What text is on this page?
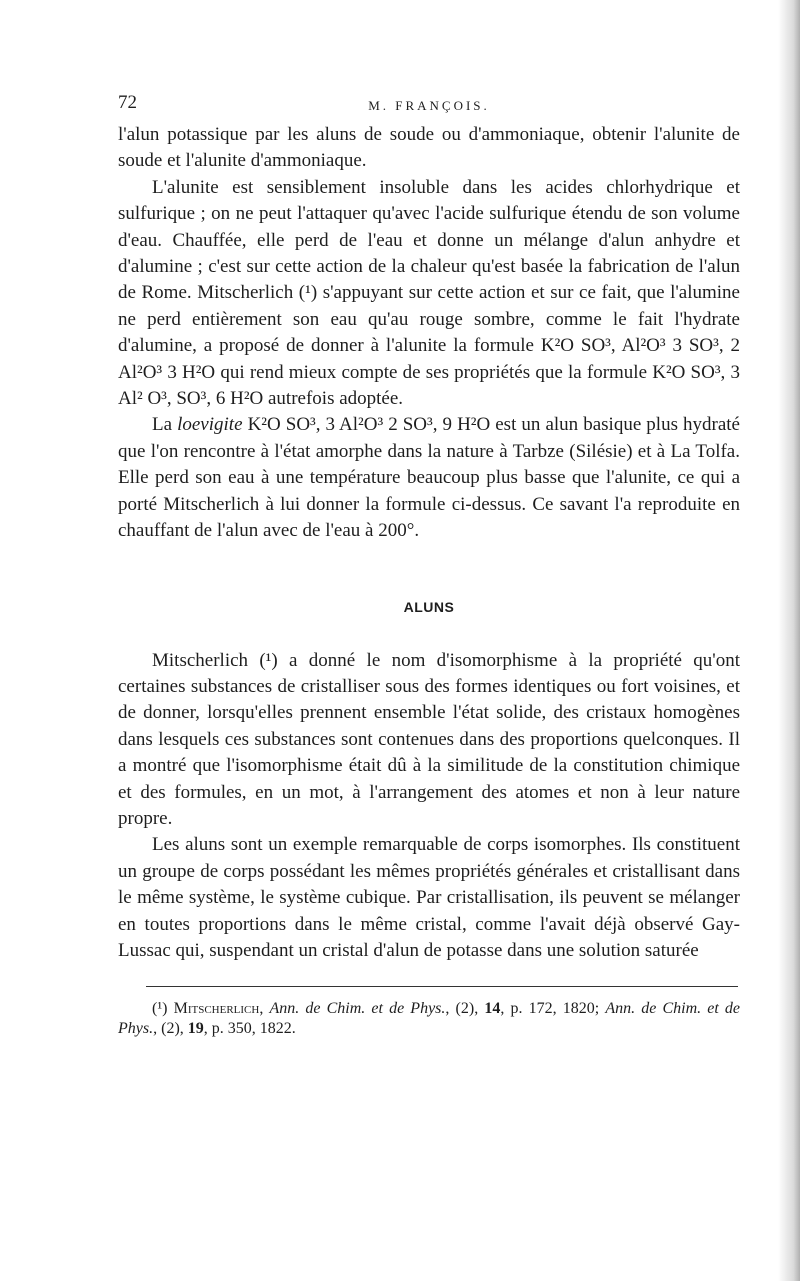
72	M. FRANÇOIS.

l'alun potassique par les aluns de soude ou d'ammoniaque, obtenir l'alunite de soude et l'alunite d'ammoniaque.

L'alunite est sensiblement insoluble dans les acides chlorhydrique et sulfurique ; on ne peut l'attaquer qu'avec l'acide sulfurique étendu de son volume d'eau. Chauffée, elle perd de l'eau et donne un mélange d'alun anhydre et d'alumine ; c'est sur cette action de la chaleur qu'est basée la fabrication de l'alun de Rome. Mitscherlich (¹) s'appuyant sur cette action et sur ce fait, que l'alumine ne perd entièrement son eau qu'au rouge sombre, comme le fait l'hydrate d'alumine, a proposé de donner à l'alunite la formule K²O SO³, Al²O³ 3 SO³, 2 Al²O³ 3 H²O qui rend mieux compte de ses propriétés que la formule K²O SO³, 3 Al² O³, SO³, 6 H²O autrefois adoptée.

La loevigite K²O SO³, 3 Al²O³ 2 SO³, 9 H²O est un alun basique plus hydraté que l'on rencontre à l'état amorphe dans la nature à Tarbze (Silésie) et à La Tolfa. Elle perd son eau à une température beaucoup plus basse que l'alunite, ce qui a porté Mitscherlich à lui donner la formule ci-dessus. Ce savant l'a reproduite en chauffant de l'alun avec de l'eau à 200°.

ALUNS

Mitscherlich (¹) a donné le nom d'isomorphisme à la propriété qu'ont certaines substances de cristalliser sous des formes identiques ou fort voisines, et de donner, lorsqu'elles prennent ensemble l'état solide, des cristaux homogènes dans lesquels ces substances sont contenues dans des proportions quelconques. Il a montré que l'isomorphisme était dû à la similitude de la constitution chimique et des formules, en un mot, à l'arrangement des atomes et non à leur nature propre.

Les aluns sont un exemple remarquable de corps isomorphes. Ils constituent un groupe de corps possédant les mêmes propriétés générales et cristallisant dans le même système, le système cubique. Par cristallisation, ils peuvent se mélanger en toutes proportions dans le même cristal, comme l'avait déjà observé Gay-Lussac qui, suspendant un cristal d'alun de potasse dans une solution saturée

(¹) Mitscherlich, Ann. de Chim. et de Phys., (2), 14, p. 172, 1820; Ann. de Chim. et de Phys., (2), 19, p. 350, 1822.
